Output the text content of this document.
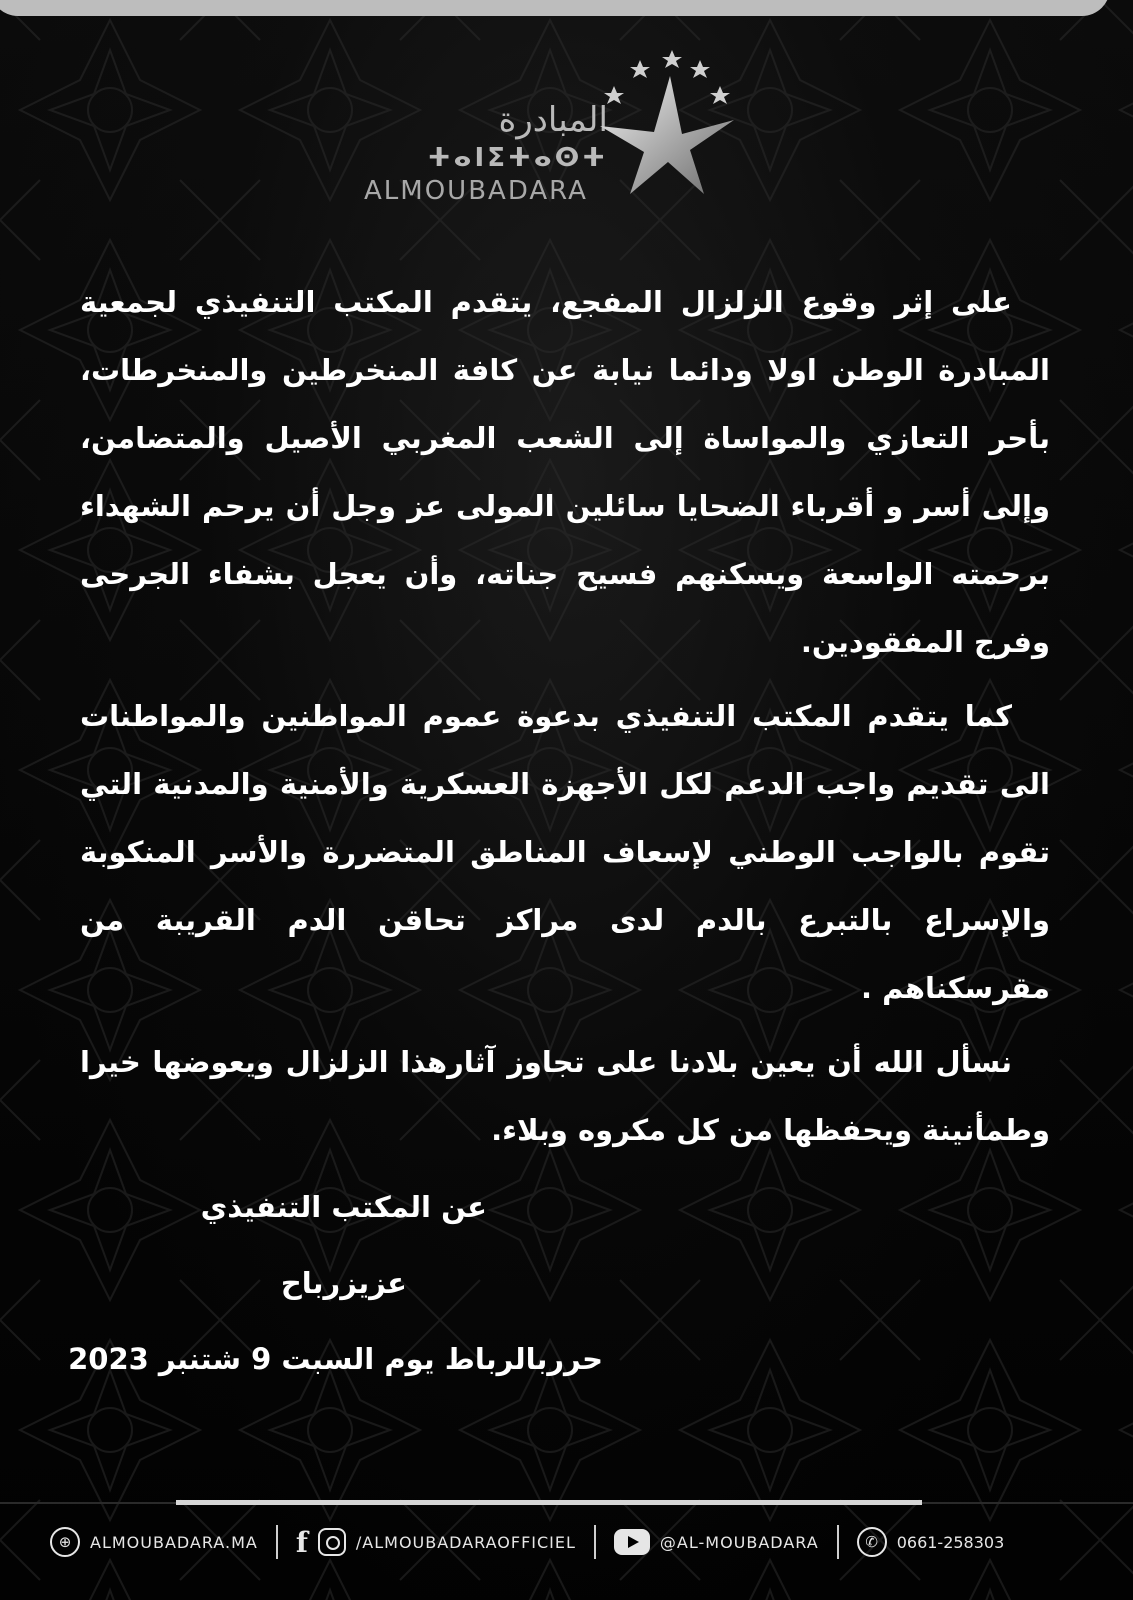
المبادرة
ⵜⴰⵏⵉⵜⴰⵙⵜ
ALMOUBADARA

على إثر وقوع الزلزال المفجع، يتقدم المكتب التنفيذي لجمعية المبادرة الوطن اولا ودائما نيابة عن كافة المنخرطين والمنخرطات، بأحر التعازي والمواساة إلى الشعب المغربي الأصيل والمتضامن، وإلى أسر و أقرباء الضحايا سائلين المولى عز وجل أن يرحم الشهداء برحمته الواسعة ويسكنهم فسيح جناته، وأن يعجل بشفاء الجرحى وفرج المفقودين.

كما يتقدم المكتب التنفيذي بدعوة عموم المواطنين والمواطنات الى تقديم واجب الدعم لكل الأجهزة العسكرية والأمنية والمدنية التي تقوم بالواجب الوطني لإسعاف المناطق المتضررة والأسر المنكوبة والإسراع بالتبرع بالدم لدى مراكز تحاقن الدم القريبة من مقرسكناهم .

نسأل الله أن يعين بلادنا على تجاوز آثارهذا الزلزال ويعوضها خيرا وطمأنينة ويحفظها من كل مكروه وبلاء.

عن المكتب التنفيذي
عزيزرباح
حرربالرباط يوم السبت 9 شتنبر 2023
⊕	ALMOUBADARA.MA f	/ALMOUBADARAOFFICIEL	@AL-MOUBADARA	✆	0661-258303
